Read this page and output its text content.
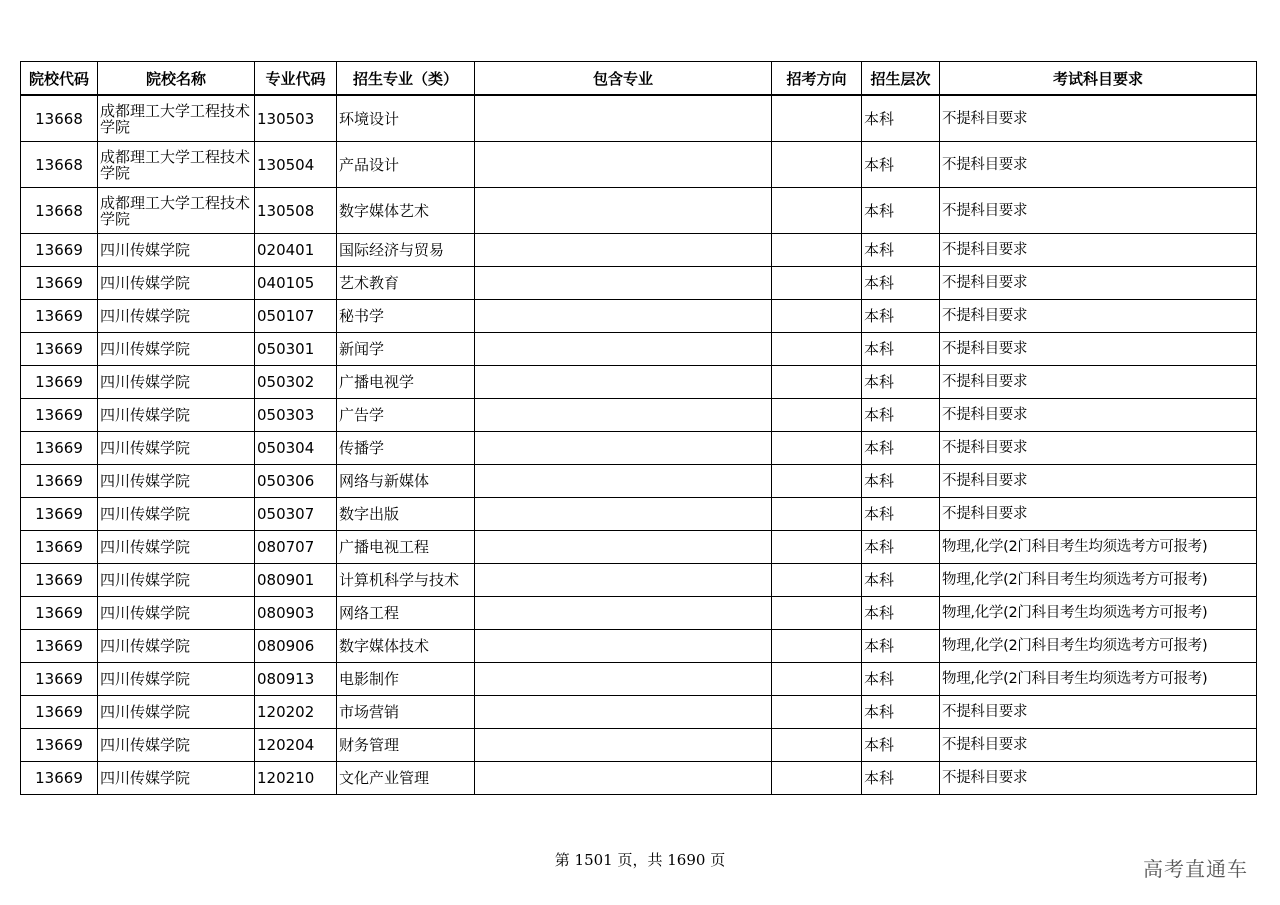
院校代码	院校名称	专业代码	招生专业（类）	包含专业	招考方向	招生层次	考试科目要求
13668	成都理工大学工程技术学院	130503	环境设计			本科	不提科目要求
13668	成都理工大学工程技术学院	130504	产品设计			本科	不提科目要求
13668	成都理工大学工程技术学院	130508	数字媒体艺术			本科	不提科目要求
13669	四川传媒学院	020401	国际经济与贸易			本科	不提科目要求
13669	四川传媒学院	040105	艺术教育			本科	不提科目要求
13669	四川传媒学院	050107	秘书学			本科	不提科目要求
13669	四川传媒学院	050301	新闻学			本科	不提科目要求
13669	四川传媒学院	050302	广播电视学			本科	不提科目要求
13669	四川传媒学院	050303	广告学			本科	不提科目要求
13669	四川传媒学院	050304	传播学			本科	不提科目要求
13669	四川传媒学院	050306	网络与新媒体			本科	不提科目要求
13669	四川传媒学院	050307	数字出版			本科	不提科目要求
13669	四川传媒学院	080707	广播电视工程			本科	物理,化学(2门科目考生均须选考方可报考)
13669	四川传媒学院	080901	计算机科学与技术			本科	物理,化学(2门科目考生均须选考方可报考)
13669	四川传媒学院	080903	网络工程			本科	物理,化学(2门科目考生均须选考方可报考)
13669	四川传媒学院	080906	数字媒体技术			本科	物理,化学(2门科目考生均须选考方可报考)
13669	四川传媒学院	080913	电影制作			本科	物理,化学(2门科目考生均须选考方可报考)
13669	四川传媒学院	120202	市场营销			本科	不提科目要求
13669	四川传媒学院	120204	财务管理			本科	不提科目要求
13669	四川传媒学院	120210	文化产业管理			本科	不提科目要求
第 1501 页，共 1690 页	高考直通车
